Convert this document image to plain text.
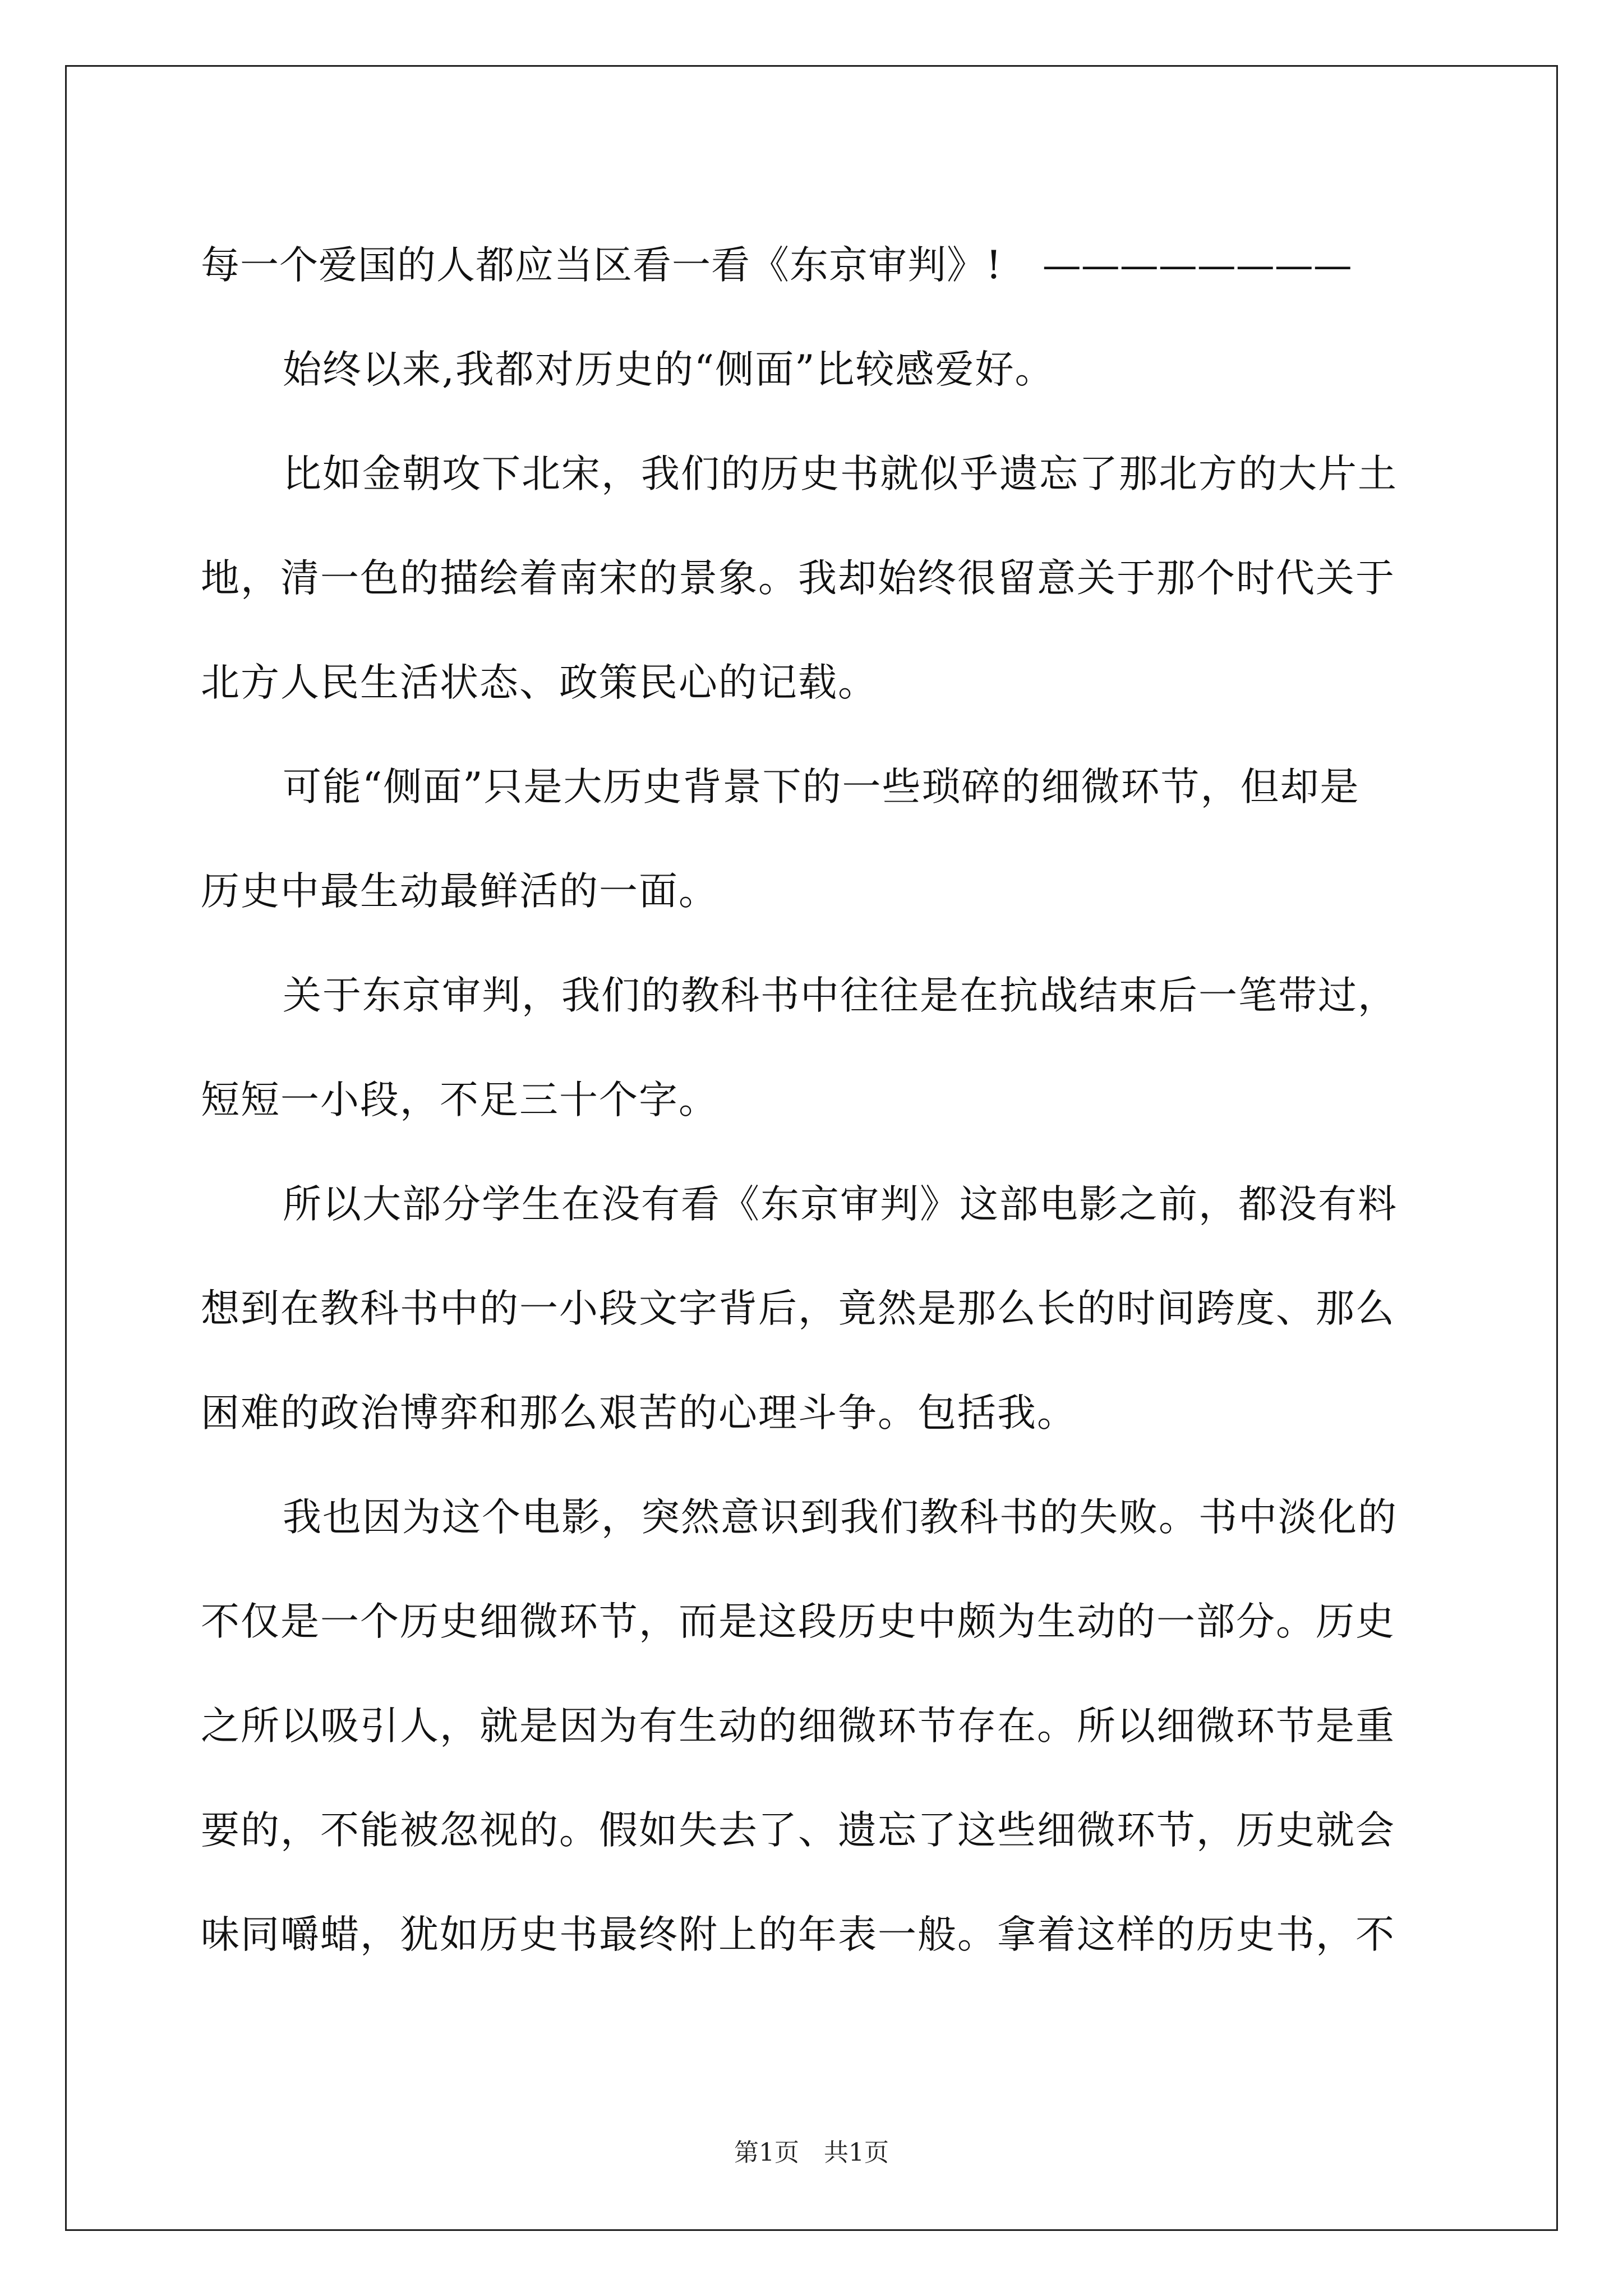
每一个爱国的人都应当区看一看《东京审判》! ————————
始终以来,我都对历史的“侧面”比较感爱好。
比如金朝攻下北宋，我们的历史书就似乎遗忘了那北方的大片土
地，清一色的描绘着南宋的景象。我却始终很留意关于那个时代关于
北方人民生活状态、政策民心的记载。
可能“侧面”只是大历史背景下的一些琐碎的细微环节，但却是
历史中最生动最鲜活的一面。
关于东京审判，我们的教科书中往往是在抗战结束后一笔带过，
短短一小段，不足三十个字。
所以大部分学生在没有看《东京审判》这部电影之前，都没有料
想到在教科书中的一小段文字背后，竟然是那么长的时间跨度、那么
困难的政治博弈和那么艰苦的心理斗争。包括我。
我也因为这个电影，突然意识到我们教科书的失败。书中淡化的
不仅是一个历史细微环节，而是这段历史中颇为生动的一部分。历史
之所以吸引人，就是因为有生动的细微环节存在。所以细微环节是重
要的，不能被忽视的。假如失去了、遗忘了这些细微环节，历史就会
味同嚼蜡，犹如历史书最终附上的年表一般。拿着这样的历史书，不
第1页 共1页
